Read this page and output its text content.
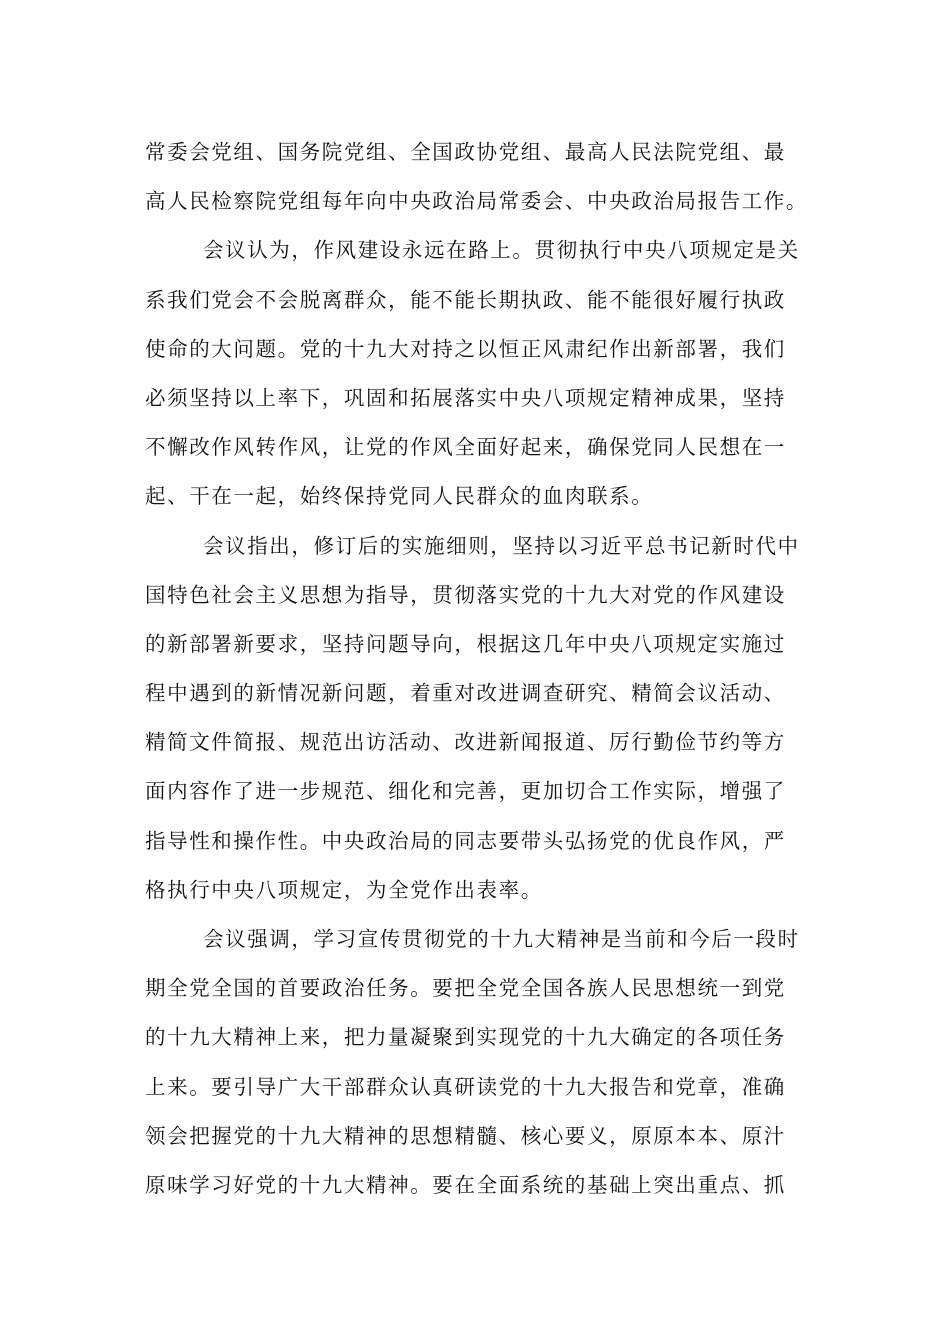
常委会党组、国务院党组、全国政协党组、最高人民法院党组、最
高人民检察院党组每年向中央政治局常委会、中央政治局报告工作。
会议认为，作风建设永远在路上。贯彻执行中央八项规定是关
系我们党会不会脱离群众，能不能长期执政、能不能很好履行执政
使命的大问题。党的十九大对持之以恒正风肃纪作出新部署，我们
必须坚持以上率下，巩固和拓展落实中央八项规定精神成果，坚持
不懈改作风转作风，让党的作风全面好起来，确保党同人民想在一
起、干在一起，始终保持党同人民群众的血肉联系。
会议指出，修订后的实施细则，坚持以习近平总书记新时代中
国特色社会主义思想为指导，贯彻落实党的十九大对党的作风建设
的新部署新要求，坚持问题导向，根据这几年中央八项规定实施过
程中遇到的新情况新问题，着重对改进调查研究、精简会议活动、
精简文件简报、规范出访活动、改进新闻报道、厉行勤俭节约等方
面内容作了进一步规范、细化和完善，更加切合工作实际，增强了
指导性和操作性。中央政治局的同志要带头弘扬党的优良作风，严
格执行中央八项规定，为全党作出表率。
会议强调，学习宣传贯彻党的十九大精神是当前和今后一段时
期全党全国的首要政治任务。要把全党全国各族人民思想统一到党
的十九大精神上来，把力量凝聚到实现党的十九大确定的各项任务
上来。要引导广大干部群众认真研读党的十九大报告和党章，准确
领会把握党的十九大精神的思想精髓、核心要义，原原本本、原汁
原味学习好党的十九大精神。要在全面系统的基础上突出重点、抓
